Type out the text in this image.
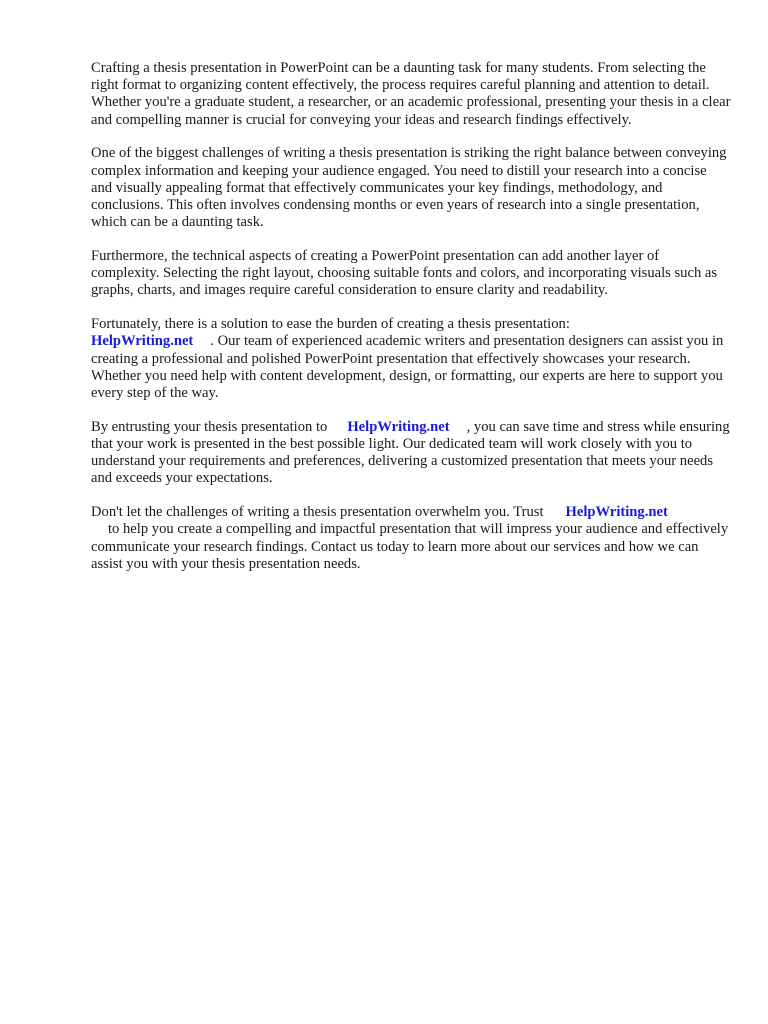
Crafting a thesis presentation in PowerPoint can be a daunting task for many students. From selecting the right format to organizing content effectively, the process requires careful planning and attention to detail. Whether you're a graduate student, a researcher, or an academic professional, presenting your thesis in a clear and compelling manner is crucial for conveying your ideas and research findings effectively.

One of the biggest challenges of writing a thesis presentation is striking the right balance between conveying complex information and keeping your audience engaged. You need to distill your research into a concise and visually appealing format that effectively communicates your key findings, methodology, and conclusions. This often involves condensing months or even years of research into a single presentation, which can be a daunting task.

Furthermore, the technical aspects of creating a PowerPoint presentation can add another layer of complexity. Selecting the right layout, choosing suitable fonts and colors, and incorporating visuals such as graphs, charts, and images require careful consideration to ensure clarity and readability.

Fortunately, there is a solution to ease the burden of creating a thesis presentation:
HelpWriting.net . Our team of experienced academic writers and presentation designers can assist you in creating a professional and polished PowerPoint presentation that effectively showcases your research. Whether you need help with content development, design, or formatting, our experts are here to support you every step of the way.

By entrusting your thesis presentation to HelpWriting.net , you can save time and stress while ensuring that your work is presented in the best possible light. Our dedicated team will work closely with you to understand your requirements and preferences, delivering a customized presentation that meets your needs and exceeds your expectations.

Don't let the challenges of writing a thesis presentation overwhelm you. Trust HelpWriting.net
to help you create a compelling and impactful presentation that will impress your audience and effectively communicate your research findings. Contact us today to learn more about our services and how we can assist you with your thesis presentation needs.
